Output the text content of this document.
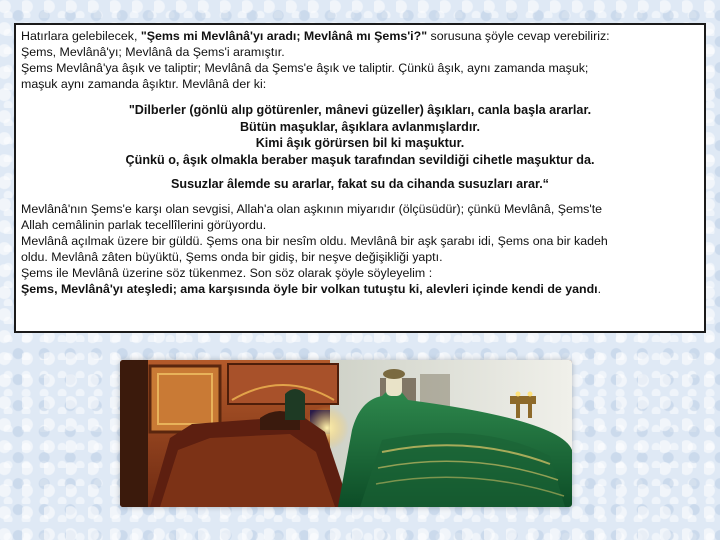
Hatırlara gelebilecek, "Şems mi Mevlânâ'yı aradı; Mevlânâ mı Şems'i?" sorusuna şöyle cevap verebiliriz:

Şems, Mevlânâ'yı; Mevlânâ da Şems'i aramıştır.

Şems Mevlânâ'ya âşık ve taliptir; Mevlânâ da Şems'e âşık ve taliptir. Çünkü âşık, aynı zamanda maşuk;

maşuk aynı zamanda âşıktır. Mevlânâ der ki:

"Dilberler (gönlü alıp götürenler, mânevi güzeller) âşıkları, canla başla ararlar.

Bütün maşuklar, âşıklara avlanmışlardır.

Kimi âşık görürsen bil ki maşuktur.

Çünkü o, âşık olmakla beraber maşuk tarafından sevildiği cihetle maşuktur da.

Susuzlar âlemde su ararlar, fakat su da cihanda susuzları arar.“

Mevlânâ'nın Şems'e karşı olan sevgisi, Allah'a olan aşkının miyarıdır (ölçüsüdür); çünkü Mevlânâ, Şems'te

Allah cemâlinin parlak tecellîlerini görüyordu.

Mevlânâ açılmak üzere bir güldü. Şems ona bir nesîm oldu. Mevlânâ bir aşk şarabı idi, Şems ona bir kadeh

oldu. Mevlânâ zâten büyüktü, Şems onda bir gidiş, bir neşve değişikliği yaptı.

Şems ile Mevlânâ üzerine söz tükenmez. Son söz olarak şöyle söyleyelim :

Şems, Mevlânâ'yı ateşledi; ama karşısında öyle bir volkan tutuştu ki, alevleri içinde kendi de yandı.
